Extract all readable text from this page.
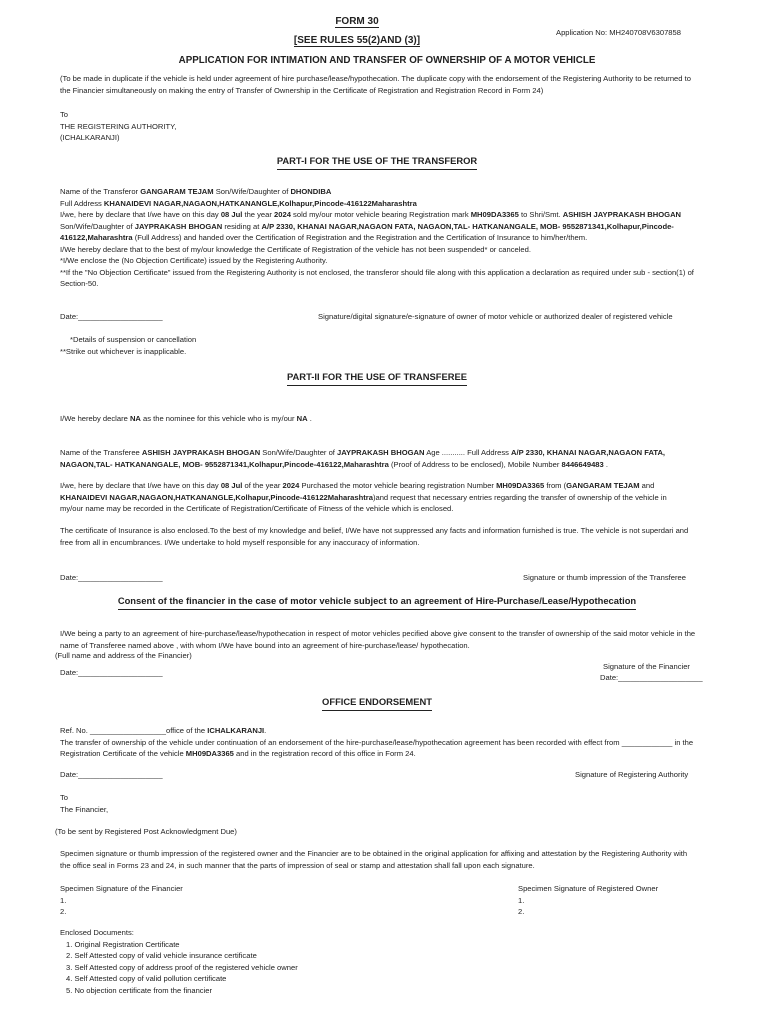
FORM 30
Application No: MH240708V6307858
[SEE RULES 55(2)AND (3)]
APPLICATION FOR INTIMATION AND TRANSFER OF OWNERSHIP OF A MOTOR VEHICLE
(To be made in duplicate if the vehicle is held under agreement of hire purchase/lease/hypothecation. The duplicate copy with the endorsement of the Registering Authority to be returned to the Financier simultaneously on making the entry of Transfer of Ownership in the Certificate of Registration and Registration Record in Form 24)
To
THE REGISTERING AUTHORITY,
(ICHALKARANJI)
PART-I FOR THE USE OF THE TRANSFEROR
Name of the Transferor GANGARAM TEJAM Son/Wife/Daughter of DHONDIBA
Full Address KHANAIDEVI NAGAR,NAGAON,HATKANANGLE,Kolhapur,Pincode-416122Maharashtra
I/we, here by declare that I/we have on this day 08 Jul the year 2024 sold my/our motor vehicle bearing Registration mark MH09DA3365 to Shri/Smt. ASHISH JAYPRAKASH BHOGAN Son/Wife/Daughter of JAYPRAKASH BHOGAN residing at A/P 2330, KHANAI NAGAR,NAGAON FATA, NAGAON,TAL- HATKANANGALE, MOB- 9552871341,Kolhapur,Pincode-416122,Maharashtra (Full Address) and handed over the Certification of Registration and the Registration and the Certification of Insurance to him/her/them.
I/We hereby declare that to the best of my/our knowledge the Certificate of Registration of the vehicle has not been suspended* or canceled.
*I/We enclose the (No Objection Certificate) issued by the Registering Authority.
**If the "No Objection Certificate" issued from the Registering Authority is not enclosed, the transferor should file along with this application a declaration as required under sub - section(1) of Section-50.
Date:____________________	Signature/digital signature/e-signature of owner of motor vehicle or authorized dealer of registered vehicle
*Details of suspension or cancellation
**Strike out whichever is inapplicable.
PART-II FOR THE USE OF TRANSFEREE
I/We hereby declare NA as the nominee for this vehicle who is my/our NA .
Name of the Transferee ASHISH JAYPRAKASH BHOGAN Son/Wife/Daughter of JAYPRAKASH BHOGAN Age ........... Full Address A/P 2330, KHANAI NAGAR,NAGAON FATA, NAGAON,TAL- HATKANANGALE, MOB- 9552871341,Kolhapur,Pincode-416122,Maharashtra (Proof of Address to be enclosed), Mobile Number 8446649483 .
I/we, here by declare that I/we have on this day 08 Jul of the year 2024 Purchased the motor vehicle bearing registration Number MH09DA3365 from (GANGARAM TEJAM and KHANAIDEVI NAGAR,NAGAON,HATKANANGLE,Kolhapur,Pincode-416122Maharashtra)and request that necessary entries regarding the transfer of ownership of the vehicle in my/our name may be recorded in the Certificate of Registration/Certificate of Fitness of the vehicle which is enclosed.
The certificate of Insurance is also enclosed.To the best of my knowledge and belief, I/We have not suppressed any facts and information furnished is true. The vehicle is not superdari and free from all in encumbrances. I/We undertake to hold myself responsible for any inaccuracy of information.
Date:____________________	Signature or thumb impression of the Transferee
Consent of the financier in the case of motor vehicle subject to an agreement of Hire-Purchase/Lease/Hypothecation
I/We being a party to an agreement of hire-purchase/lease/hypothecation in respect of motor vehicles pecified above give consent to the transfer of ownership of the said motor vehicle in the name of Transferee named above , with whom I/We have bound into an agreement of hire-purchase/lease/ hypothecation.
(Full name and address of the Financier)
Signature of the Financier
Date:____________________
Date:____________________
OFFICE ENDORSEMENT
Ref. No. __________________office of the ICHALKARANJI.
The transfer of ownership of the vehicle under continuation of an endorsement of the hire-purchase/lease/hypothecation agreement has been recorded with effect from ____________ in the Registration Certificate of the vehicle MH09DA3365 and in the registration record of this office in Form 24.
Date:____________________	Signature of Registering Authority
To
The Financier,
(To be sent by Registered Post Acknowledgment Due)
Specimen signature or thumb impression of the registered owner and the Financier are to be obtained in the original application for affixing and attestation by the Registering Authority with the office seal in Forms 23 and 24, in such manner that the parts of impression of seal or stamp and attestation shall fall upon each signature.
Specimen Signature of the Financier
1.
2.
Specimen Signature of Registered Owner
1.
2.
Enclosed Documents:
1. Original Registration Certificate
2. Self Attested copy of valid vehicle insurance certificate
3. Self Attested copy of address proof of the registered vehicle owner
4. Self Attested copy of valid pollution certificate
5. No objection certificate from the financier
